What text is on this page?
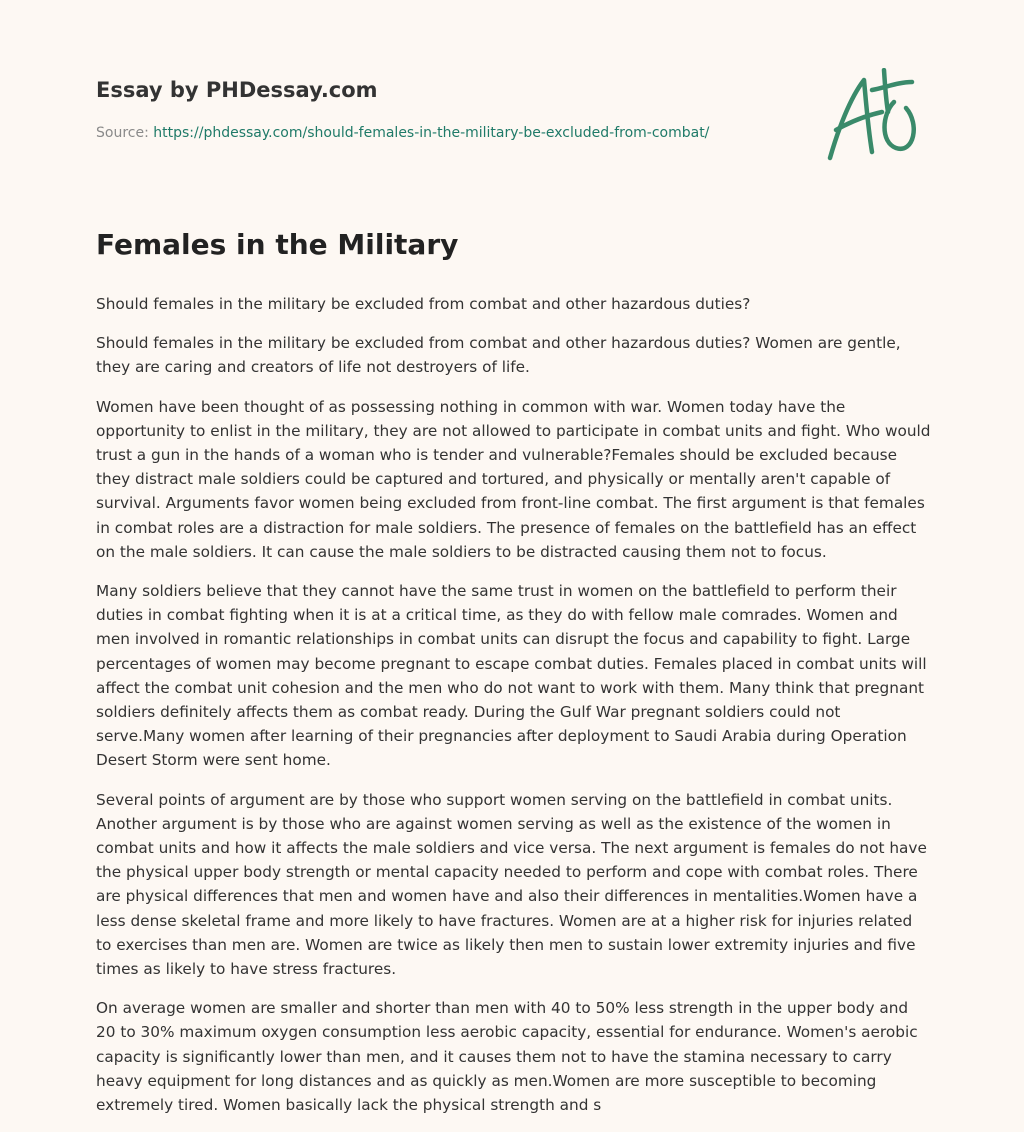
Essay by PHDessay.com
Source: https://phdessay.com/should-females-in-the-military-be-excluded-from-combat/
Females in the Military

Should females in the military be excluded from combat and other hazardous duties?

Should females in the military be excluded from combat and other hazardous duties? Women are gentle, they are caring and creators of life not destroyers of life.

Women have been thought of as possessing nothing in common with war. Women today have the opportunity to enlist in the military, they are not allowed to participate in combat units and fight. Who would trust a gun in the hands of a woman who is tender and vulnerable?Females should be excluded because they distract male soldiers could be captured and tortured, and physically or mentally aren't capable of survival. Arguments favor women being excluded from front-line combat. The first argument is that females in combat roles are a distraction for male soldiers. The presence of females on the battlefield has an effect on the male soldiers. It can cause the male soldiers to be distracted causing them not to focus.

Many soldiers believe that they cannot have the same trust in women on the battlefield to perform their duties in combat fighting when it is at a critical time, as they do with fellow male comrades. Women and men involved in romantic relationships in combat units can disrupt the focus and capability to fight. Large percentages of women may become pregnant to escape combat duties. Females placed in combat units will affect the combat unit cohesion and the men who do not want to work with them. Many think that pregnant soldiers definitely affects them as combat ready. During the Gulf War pregnant soldiers could not serve.Many women after learning of their pregnancies after deployment to Saudi Arabia during Operation Desert Storm were sent home.

Several points of argument are by those who support women serving on the battlefield in combat units. Another argument is by those who are against women serving as well as the existence of the women in combat units and how it affects the male soldiers and vice versa. The next argument is females do not have the physical upper body strength or mental capacity needed to perform and cope with combat roles. There are physical differences that men and women have and also their differences in mentalities.Women have a less dense skeletal frame and more likely to have fractures. Women are at a higher risk for injuries related to exercises than men are. Women are twice as likely then men to sustain lower extremity injuries and five times as likely to have stress fractures.

On average women are smaller and shorter than men with 40 to 50% less strength in the upper body and 20 to 30% maximum oxygen consumption less aerobic capacity, essential for endurance. Women's aerobic capacity is significantly lower than men, and it causes them not to have the stamina necessary to carry heavy equipment for long distances and as quickly as men.Women are more susceptible to becoming extremely tired. Women basically lack the physical strength and s
